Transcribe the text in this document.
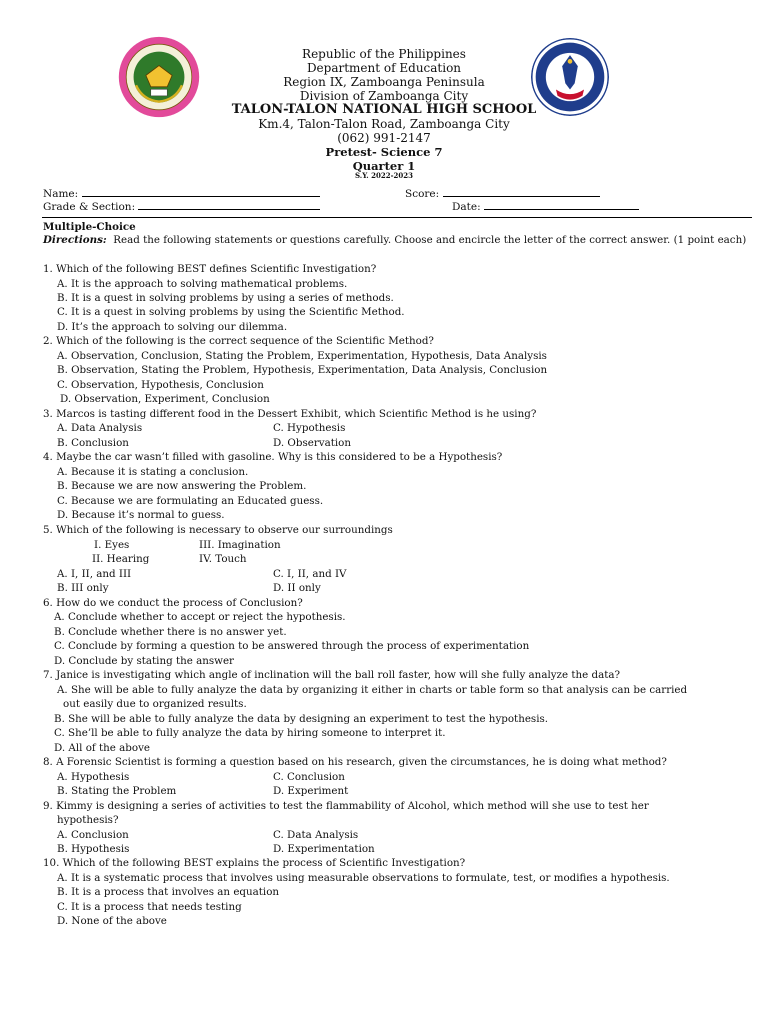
Republic of the Philippines
Department of Education
Region IX, Zamboanga Peninsula
Division of Zamboanga City
TALON-TALON NATIONAL HIGH SCHOOL
Km.4, Talon-Talon Road, Zamboanga City
(062) 991-2147
Pretest- Science 7
Quarter 1
S.Y. 2022-2023
Name:	Score:
Grade & Section:	Date:
Multiple-Choice
Directions: Read the following statements or questions carefully. Choose and encircle the letter of the correct answer. (1 point each)
1. Which of the following BEST defines Scientific Investigation?
A. It is the approach to solving mathematical problems.
B. It is a quest in solving problems by using a series of methods.
C. It is a quest in solving problems by using the Scientific Method.
D. It’s the approach to solving our dilemma.
2. Which of the following is the correct sequence of the Scientific Method?
A. Observation, Conclusion, Stating the Problem, Experimentation, Hypothesis, Data Analysis
B. Observation, Stating the Problem, Hypothesis, Experimentation, Data Analysis, Conclusion
C. Observation, Hypothesis, Conclusion
D. Observation, Experiment, Conclusion
3. Marcos is tasting different food in the Dessert Exhibit, which Scientific Method is he using?
A. Data Analysis	C. Hypothesis
B. Conclusion	D. Observation
4. Maybe the car wasn’t filled with gasoline. Why is this considered to be a Hypothesis?
A. Because it is stating a conclusion.
B. Because we are now answering the Problem.
C. Because we are formulating an Educated guess.
D. Because it’s normal to guess.
5. Which of the following is necessary to observe our surroundings
I. Eyes	III. Imagination
II. Hearing	IV. Touch
A. I, II, and III	C. I, II, and IV
B. III only	D. II only
6. How do we conduct the process of Conclusion?
A. Conclude whether to accept or reject the hypothesis.
B. Conclude whether there is no answer yet.
C. Conclude by forming a question to be answered through the process of experimentation
D. Conclude by stating the answer
7. Janice is investigating which angle of inclination will the ball roll faster, how will she fully analyze the data?
A. She will be able to fully analyze the data by organizing it either in charts or table form so that analysis can be carried
out easily due to organized results.
B. She will be able to fully analyze the data by designing an experiment to test the hypothesis.
C. She’ll be able to fully analyze the data by hiring someone to interpret it.
D. All of the above
8. A Forensic Scientist is forming a question based on his research, given the circumstances, he is doing what method?
A. Hypothesis	C. Conclusion
B. Stating the Problem	D. Experiment
9. Kimmy is designing a series of activities to test the flammability of Alcohol, which method will she use to test her
hypothesis?
A. Conclusion	C. Data Analysis
B. Hypothesis	D. Experimentation
10. Which of the following BEST explains the process of Scientific Investigation?
A. It is a systematic process that involves using measurable observations to formulate, test, or modifies a hypothesis.
B. It is a process that involves an equation
C. It is a process that needs testing
D. None of the above
